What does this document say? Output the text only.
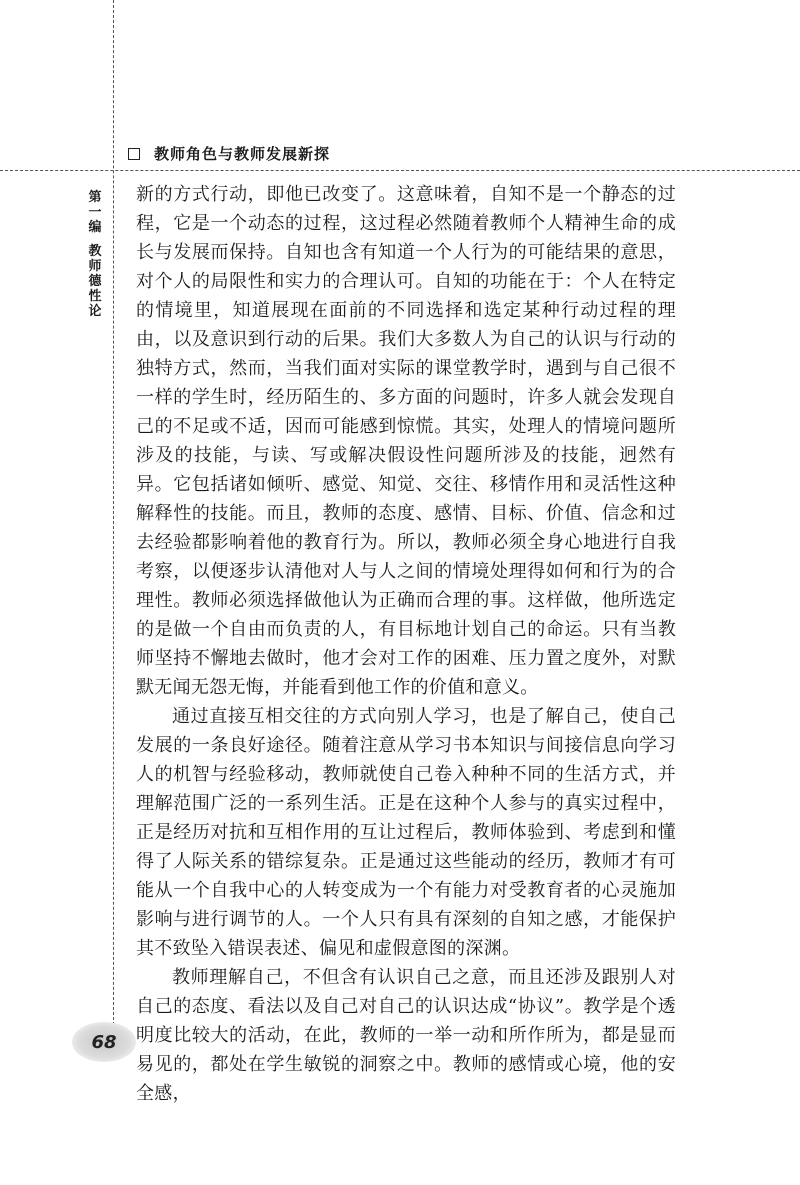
教师角色与教师发展新探
第一编
教师德性论

新的方式行动，即他已改变了。这意味着，自知不是一个静态的过程，它是一个动态的过程，这过程必然随着教师个人精神生命的成长与发展而保持。自知也含有知道一个人行为的可能结果的意思，对个人的局限性和实力的合理认可。自知的功能在于：个人在特定的情境里，知道展现在面前的不同选择和选定某种行动过程的理由，以及意识到行动的后果。我们大多数人为自己的认识与行动的独特方式，然而，当我们面对实际的课堂教学时，遇到与自己很不一样的学生时，经历陌生的、多方面的问题时，许多人就会发现自己的不足或不适，因而可能感到惊慌。其实，处理人的情境问题所涉及的技能，与读、写或解决假设性问题所涉及的技能，迥然有异。它包括诸如倾听、感觉、知觉、交往、移情作用和灵活性这种解释性的技能。而且，教师的态度、感情、目标、价值、信念和过去经验都影响着他的教育行为。所以，教师必须全身心地进行自我考察，以便逐步认清他对人与人之间的情境处理得如何和行为的合理性。教师必须选择做他认为正确而合理的事。这样做，他所选定的是做一个自由而负责的人，有目标地计划自己的命运。只有当教师坚持不懈地去做时，他才会对工作的困难、压力置之度外，对默默无闻无怨无悔，并能看到他工作的价值和意义。

通过直接互相交往的方式向别人学习，也是了解自己，使自己发展的一条良好途径。随着注意从学习书本知识与间接信息向学习人的机智与经验移动，教师就使自己卷入种种不同的生活方式，并理解范围广泛的一系列生活。正是在这种个人参与的真实过程中，正是经历对抗和互相作用的互让过程后，教师体验到、考虑到和懂得了人际关系的错综复杂。正是通过这些能动的经历，教师才有可能从一个自我中心的人转变成为一个有能力对受教育者的心灵施加影响与进行调节的人。一个人只有具有深刻的自知之感，才能保护其不致坠入错误表述、偏见和虚假意图的深渊。

教师理解自己，不但含有认识自己之意，而且还涉及跟别人对自己的态度、看法以及自己对自己的认识达成“协议”。教学是个透明度比较大的活动，在此，教师的一举一动和所作所为，都是显而易见的，都处在学生敏锐的洞察之中。教师的感情或心境，他的安全感，

68
